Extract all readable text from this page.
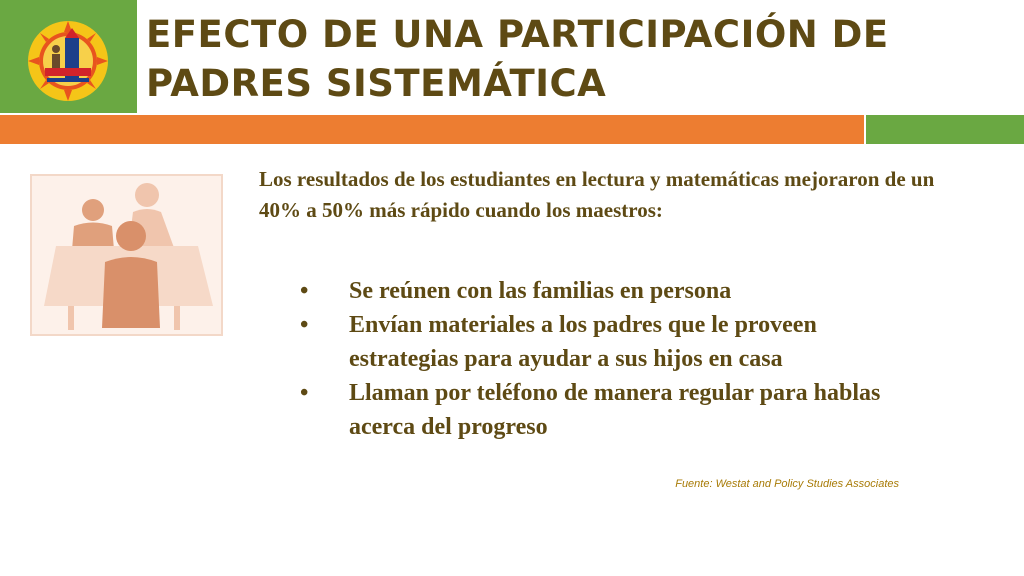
EFECTO DE UNA PARTICIPACIÓN DE PADRES SISTEMÁTICA

Los resultados de los estudiantes en lectura y matemáticas mejoraron de un 40% a 50% más rápido cuando los maestros:

• Se reúnen con las familias en persona
• Envían materiales a los padres que le proveen estrategias para ayudar a sus hijos en casa
• Llaman por teléfono de manera regular para hablas acerca del progreso

Fuente: Westat and Policy Studies Associates
